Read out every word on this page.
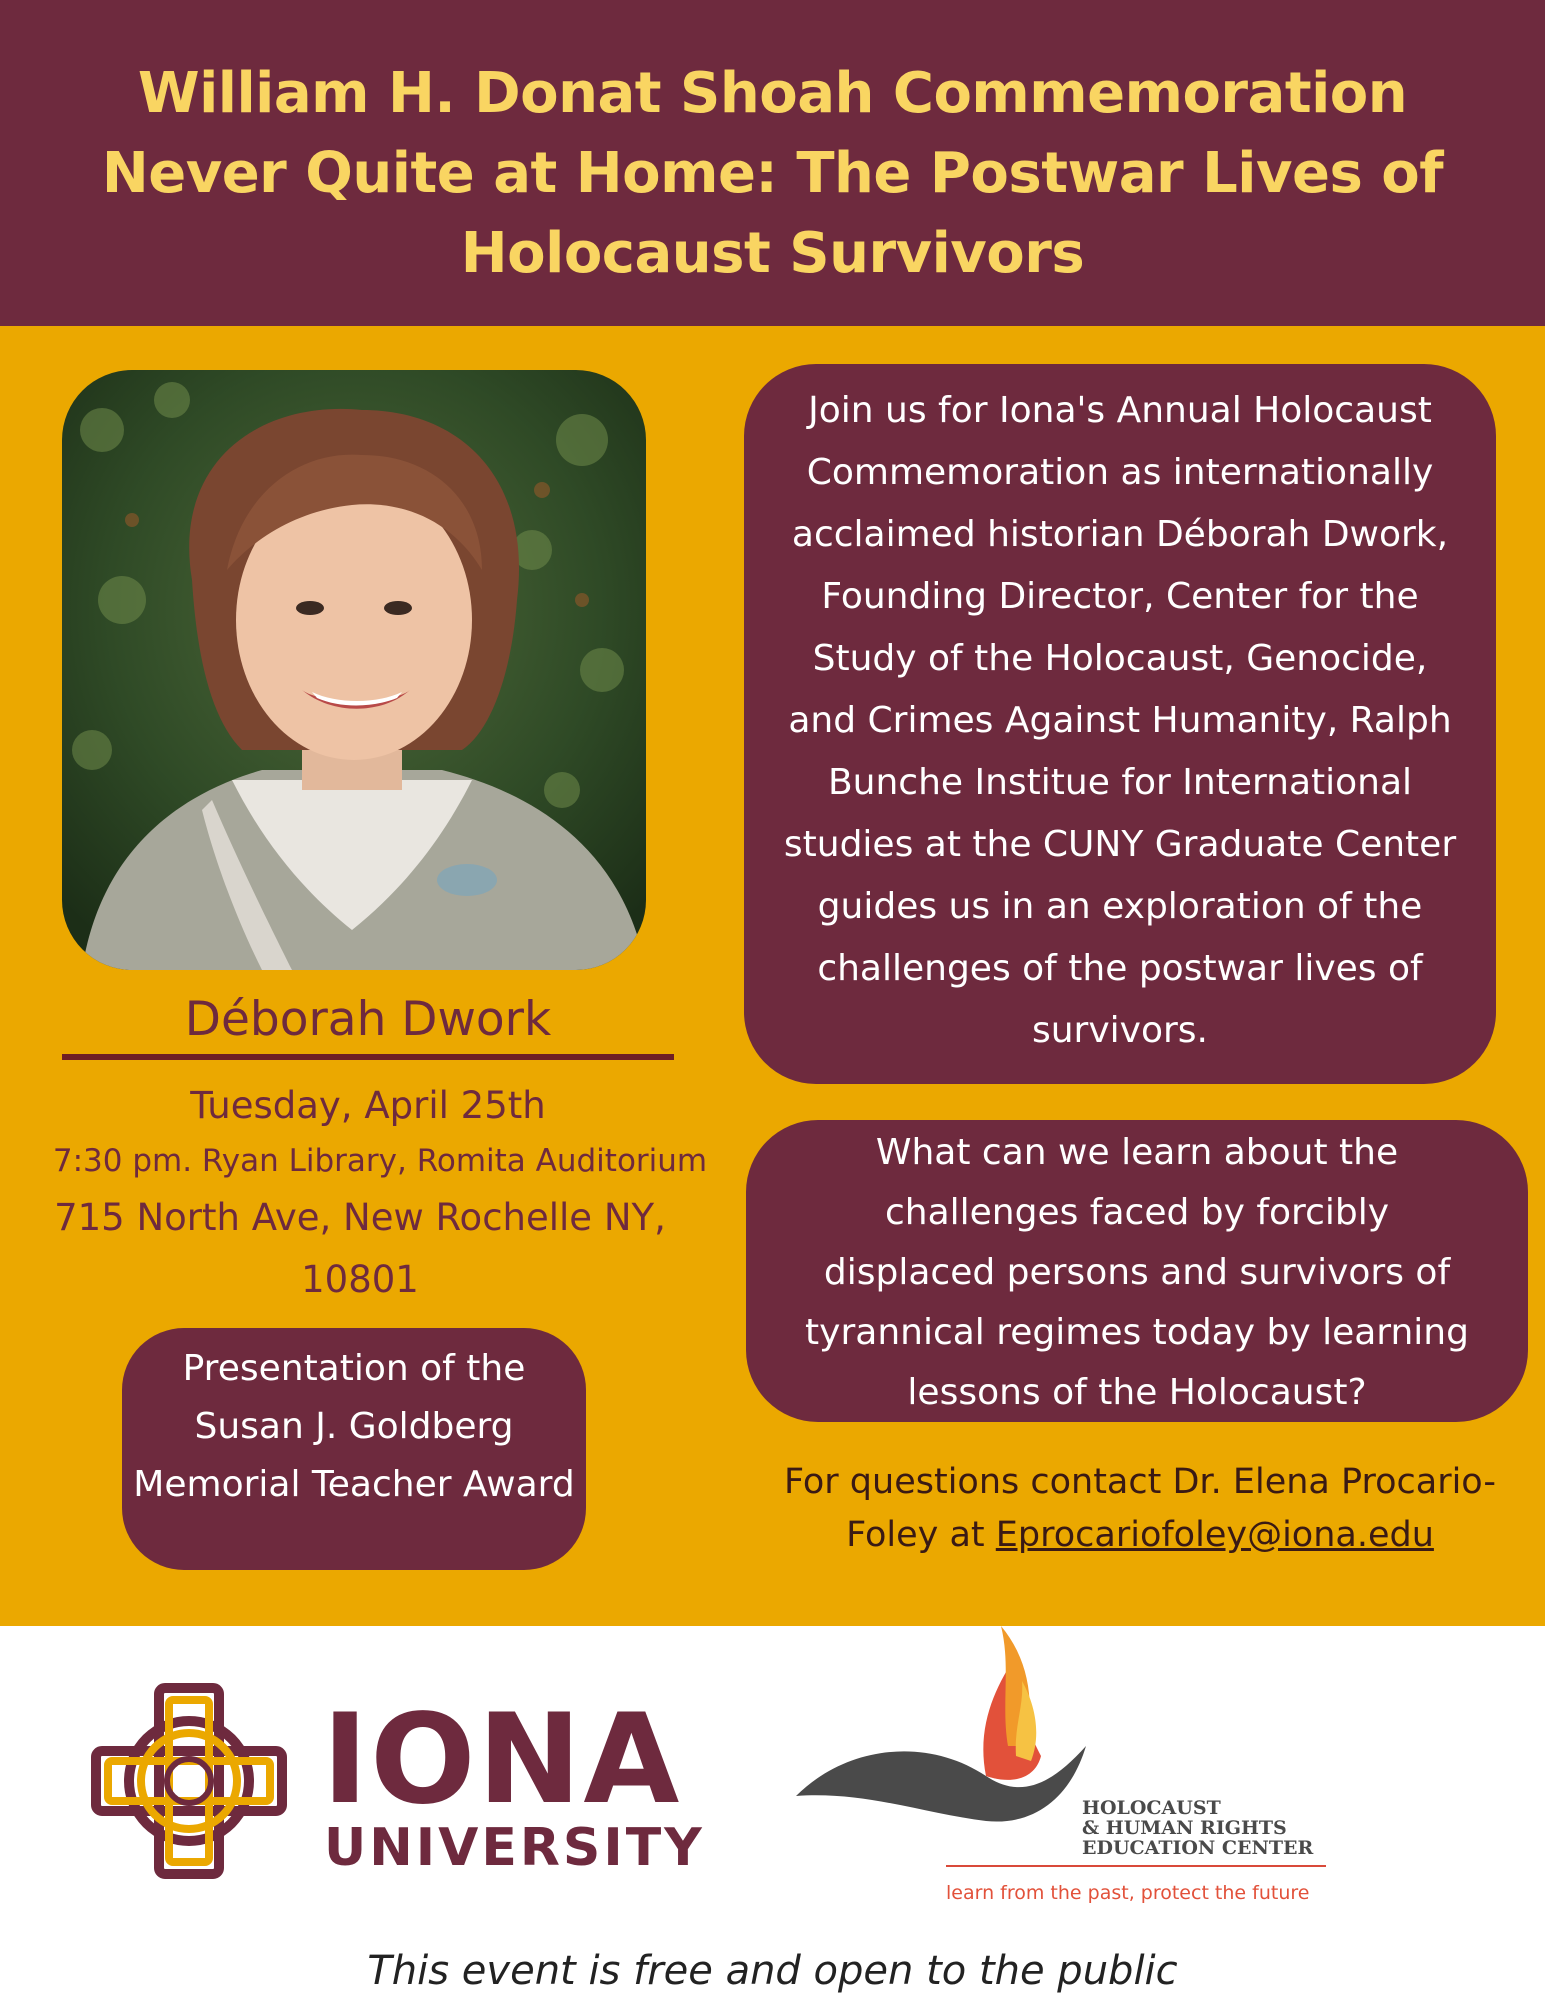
William H. Donat Shoah Commemoration
Never Quite at Home: The Postwar Lives of
Holocaust Survivors
Déborah Dwork
Tuesday, April 25th
7:30 pm. Ryan Library, Romita Auditorium
715 North Ave, New Rochelle NY,
10801
Presentation of the
Susan J. Goldberg
Memorial Teacher Award
Join us for Iona's Annual Holocaust
Commemoration as internationally
acclaimed historian Déborah Dwork,
Founding Director, Center for the
Study of the Holocaust, Genocide,
and Crimes Against Humanity, Ralph
Bunche Institue for International
studies at the CUNY Graduate Center
guides us in an exploration of the
challenges of the postwar lives of
survivors.
What can we learn about the
challenges faced by forcibly
displaced persons and survivors of
tyrannical regimes today by learning
lessons of the Holocaust?
For questions contact Dr. Elena Procario-
Foley at Eprocariofoley@iona.edu
IONA
UNIVERSITY
HOLOCAUST
& HUMAN RIGHTS
EDUCATION CENTER
learn from the past, protect the future
This event is free and open to the public
